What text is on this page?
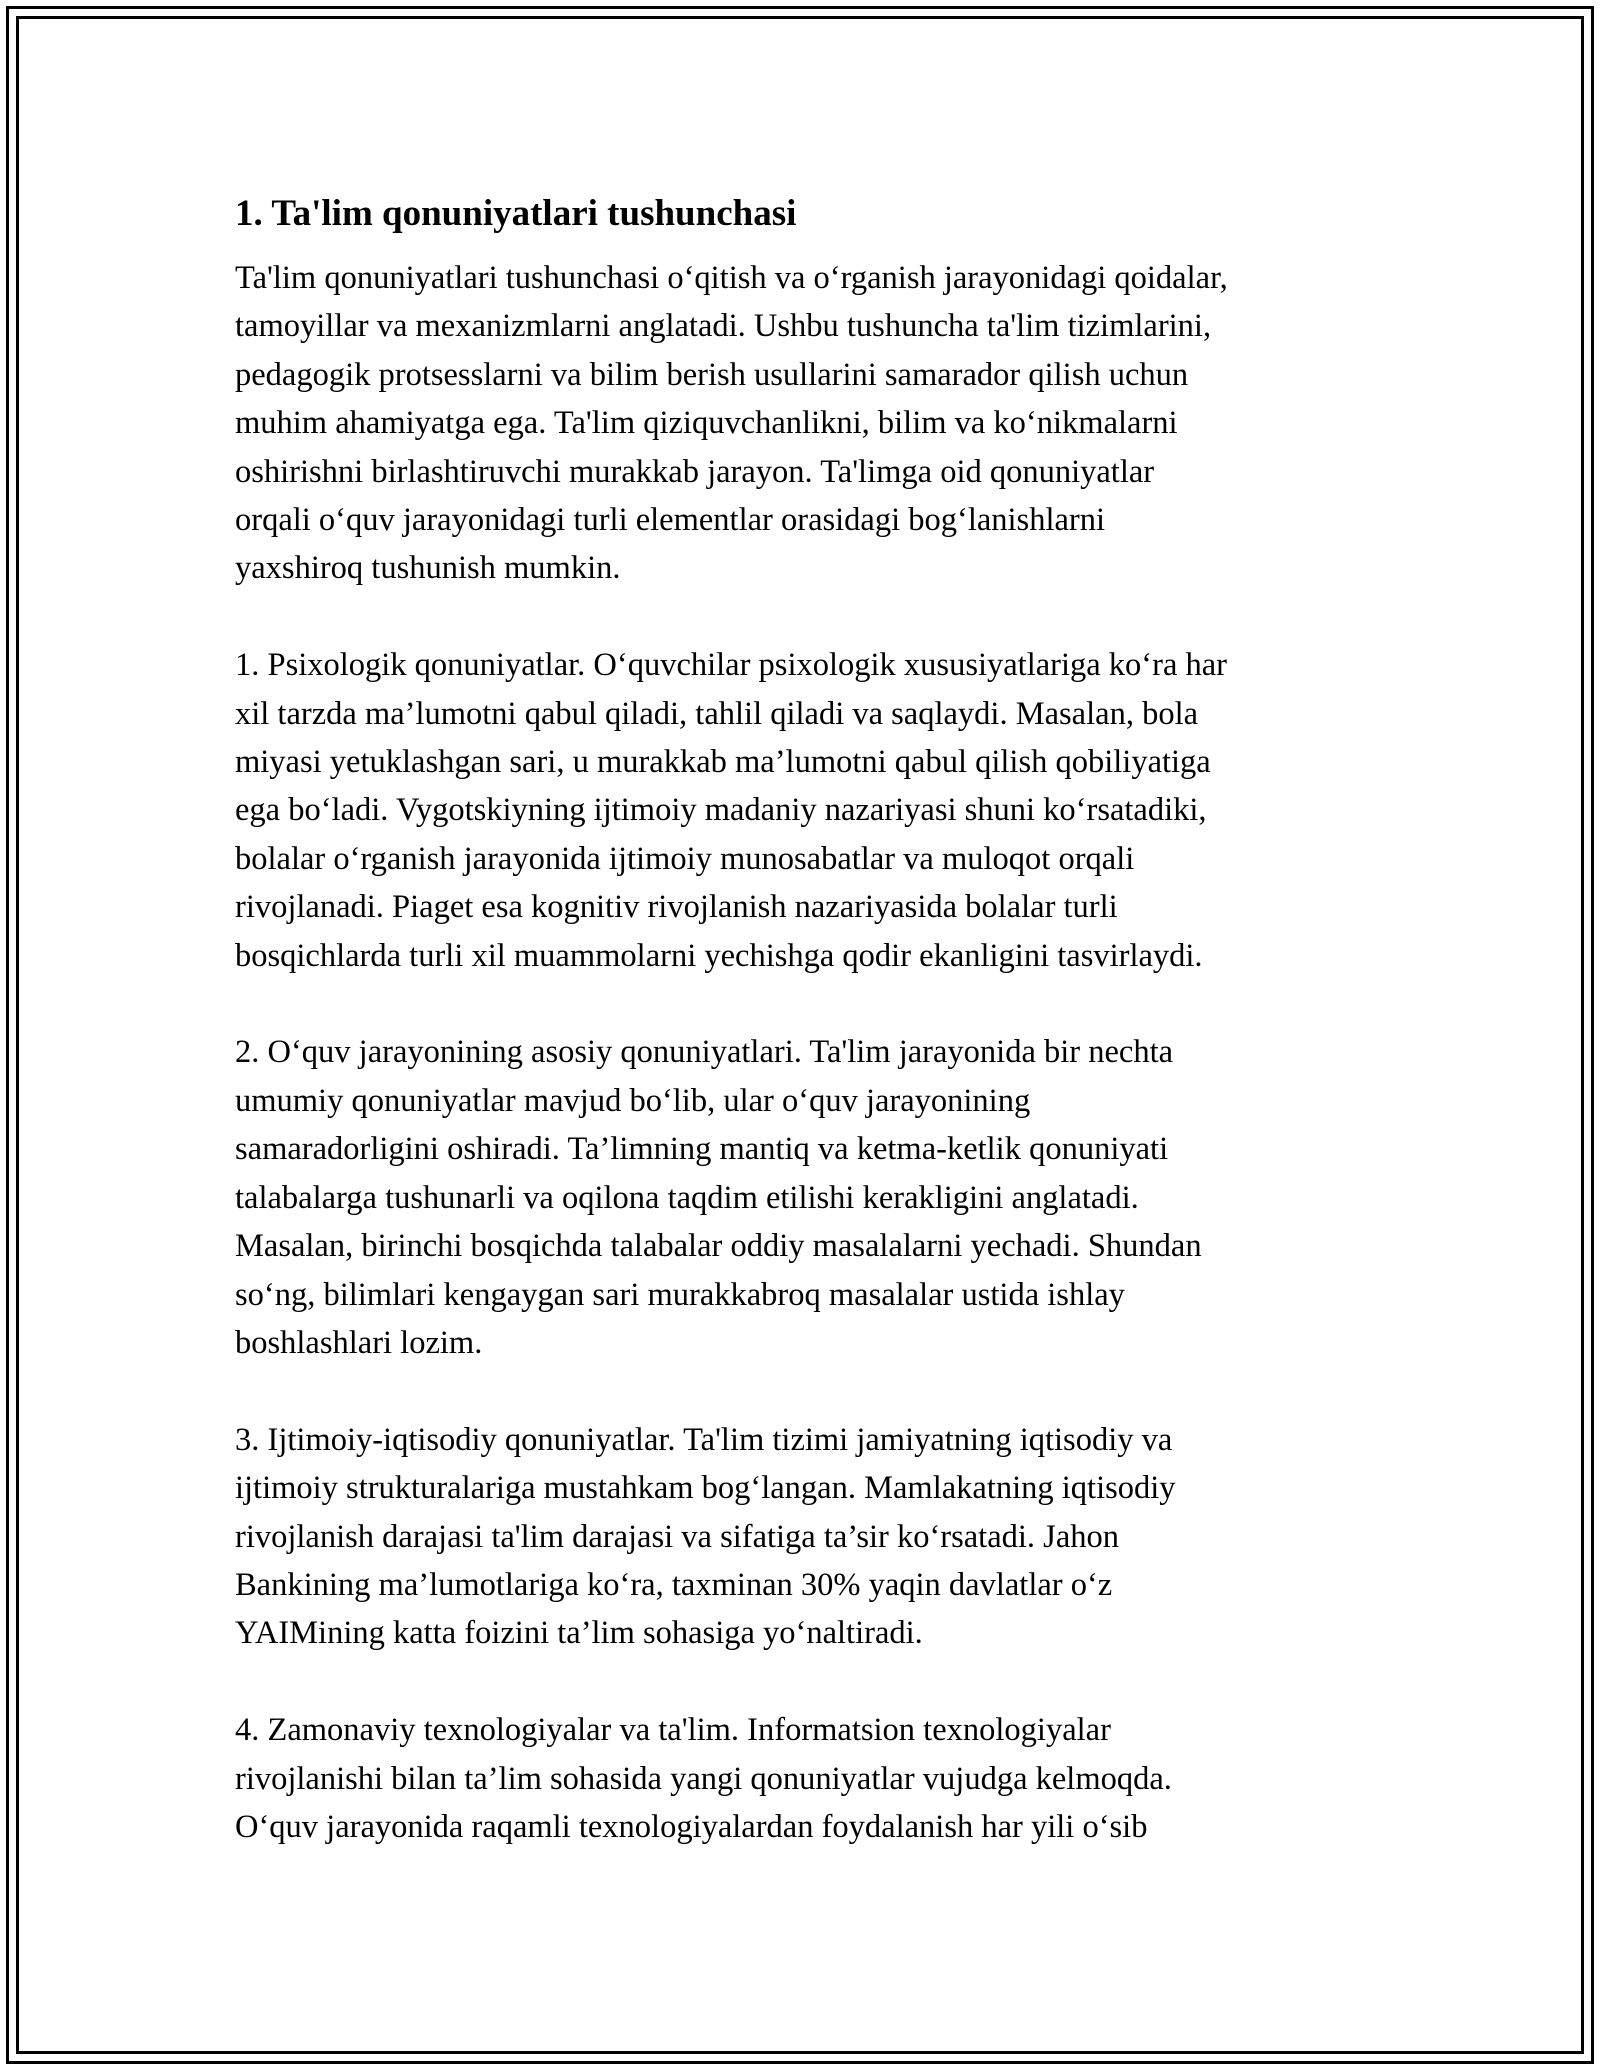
1. Ta'lim qonuniyatlari tushunchasi
Ta'lim qonuniyatlari tushunchasi o‘qitish va o‘rganish jarayonidagi qoidalar,
tamoyillar va mexanizmlarni anglatadi. Ushbu tushuncha ta'lim tizimlarini,
pedagogik protsesslarni va bilim berish usullarini samarador qilish uchun
muhim ahamiyatga ega. Ta'lim qiziquvchanlikni, bilim va ko‘nikmalarni
oshirishni birlashtiruvchi murakkab jarayon. Ta'limga oid qonuniyatlar
orqali o‘quv jarayonidagi turli elementlar orasidagi bog‘lanishlarni
yaxshiroq tushunish mumkin.
1. Psixologik qonuniyatlar. O‘quvchilar psixologik xususiyatlariga ko‘ra har
xil tarzda ma’lumotni qabul qiladi, tahlil qiladi va saqlaydi. Masalan, bola
miyasi yetuklashgan sari, u murakkab ma’lumotni qabul qilish qobiliyatiga
ega bo‘ladi. Vygotskiyning ijtimoiy madaniy nazariyasi shuni ko‘rsatadiki,
bolalar o‘rganish jarayonida ijtimoiy munosabatlar va muloqot orqali
rivojlanadi. Piaget esa kognitiv rivojlanish nazariyasida bolalar turli
bosqichlarda turli xil muammolarni yechishga qodir ekanligini tasvirlaydi.
2. O‘quv jarayonining asosiy qonuniyatlari. Ta'lim jarayonida bir nechta
umumiy qonuniyatlar mavjud bo‘lib, ular o‘quv jarayonining
samaradorligini oshiradi. Ta’limning mantiq va ketma-ketlik qonuniyati
talabalarga tushunarli va oqilona taqdim etilishi kerakligini anglatadi.
Masalan, birinchi bosqichda talabalar oddiy masalalarni yechadi. Shundan
so‘ng, bilimlari kengaygan sari murakkabroq masalalar ustida ishlay
boshlashlari lozim.
3. Ijtimoiy-iqtisodiy qonuniyatlar. Ta'lim tizimi jamiyatning iqtisodiy va
ijtimoiy strukturalariga mustahkam bog‘langan. Mamlakatning iqtisodiy
rivojlanish darajasi ta'lim darajasi va sifatiga ta’sir ko‘rsatadi. Jahon
Bankining ma’lumotlariga ko‘ra, taxminan 30% yaqin davlatlar o‘z
YAIMining katta foizini ta’lim sohasiga yo‘naltiradi.
4. Zamonaviy texnologiyalar va ta'lim. Informatsion texnologiyalar
rivojlanishi bilan ta’lim sohasida yangi qonuniyatlar vujudga kelmoqda.
O‘quv jarayonida raqamli texnologiyalardan foydalanish har yili o‘sib
